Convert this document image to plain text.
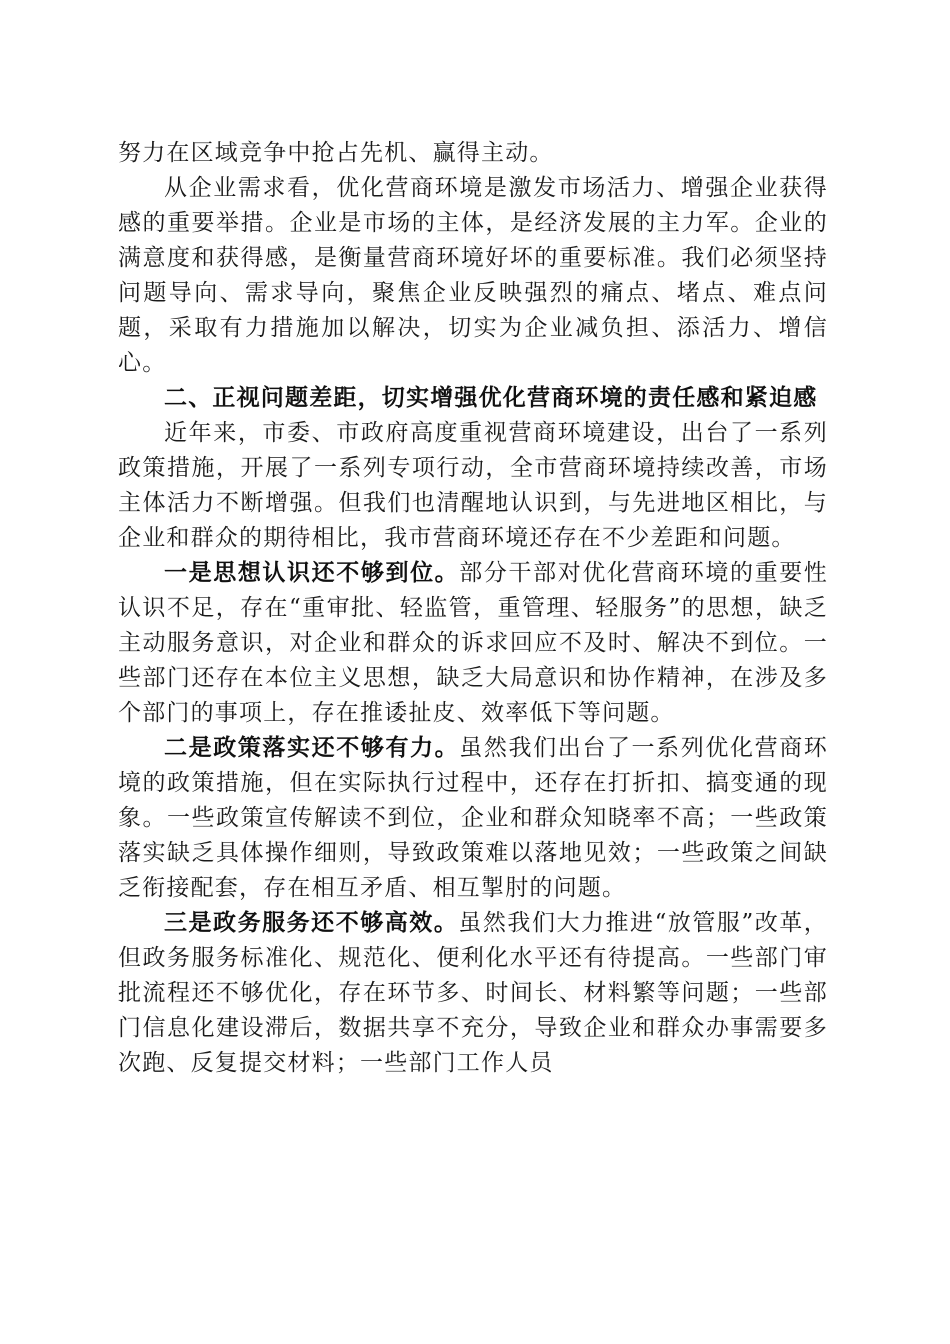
努力在区域竞争中抢占先机、赢得主动。

从企业需求看，优化营商环境是激发市场活力、增强企业获得感的重要举措。企业是市场的主体，是经济发展的主力军。企业的满意度和获得感，是衡量营商环境好坏的重要标准。我们必须坚持问题导向、需求导向，聚焦企业反映强烈的痛点、堵点、难点问题，采取有力措施加以解决，切实为企业减负担、添活力、增信心。

二、正视问题差距，切实增强优化营商环境的责任感和紧迫感

近年来，市委、市政府高度重视营商环境建设，出台了一系列政策措施，开展了一系列专项行动，全市营商环境持续改善，市场主体活力不断增强。但我们也清醒地认识到，与先进地区相比，与企业和群众的期待相比，我市营商环境还存在不少差距和问题。

一是思想认识还不够到位。部分干部对优化营商环境的重要性认识不足，存在“重审批、轻监管，重管理、轻服务”的思想，缺乏主动服务意识，对企业和群众的诉求回应不及时、解决不到位。一些部门还存在本位主义思想，缺乏大局意识和协作精神，在涉及多个部门的事项上，存在推诿扯皮、效率低下等问题。

二是政策落实还不够有力。虽然我们出台了一系列优化营商环境的政策措施，但在实际执行过程中，还存在打折扣、搞变通的现象。一些政策宣传解读不到位，企业和群众知晓率不高；一些政策落实缺乏具体操作细则，导致政策难以落地见效；一些政策之间缺乏衔接配套，存在相互矛盾、相互掣肘的问题。

三是政务服务还不够高效。虽然我们大力推进“放管服”改革，但政务服务标准化、规范化、便利化水平还有待提高。一些部门审批流程还不够优化，存在环节多、时间长、材料繁等问题；一些部门信息化建设滞后，数据共享不充分，导致企业和群众办事需要多次跑、反复提交材料；一些部门工作人员
